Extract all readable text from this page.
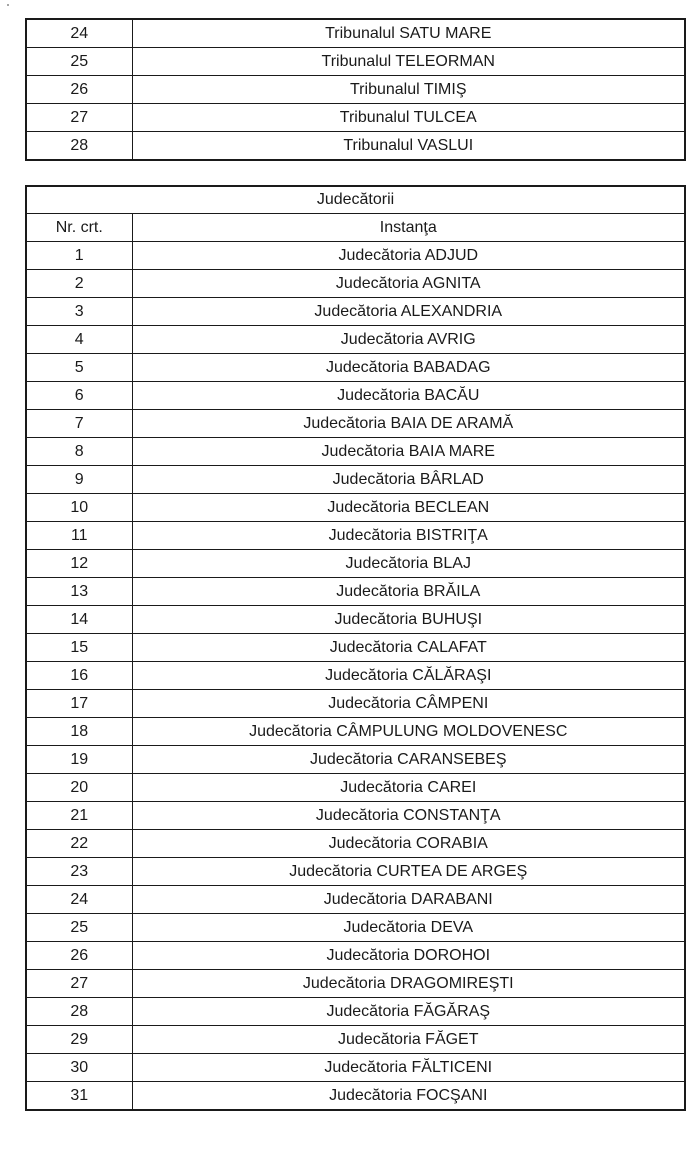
24	Tribunalul SATU MARE
25	Tribunalul TELEORMAN
26	Tribunalul TIMIŞ
27	Tribunalul TULCEA
28	Tribunalul VASLUI
Judecătorii	
Nr. crt.	Instanţa
1	Judecătoria ADJUD
2	Judecătoria AGNITA
3	Judecătoria ALEXANDRIA
4	Judecătoria AVRIG
5	Judecătoria BABADAG
6	Judecătoria BACĂU
7	Judecătoria BAIA DE ARAMĂ
8	Judecătoria BAIA MARE
9	Judecătoria BÂRLAD
10	Judecătoria BECLEAN
11	Judecătoria BISTRIŢA
12	Judecătoria BLAJ
13	Judecătoria BRĂILA
14	Judecătoria BUHUŞI
15	Judecătoria CALAFAT
16	Judecătoria CĂLĂRAŞI
17	Judecătoria CÂMPENI
18	Judecătoria CÂMPULUNG MOLDOVENESC
19	Judecătoria CARANSEBEŞ
20	Judecătoria CAREI
21	Judecătoria CONSTANŢA
22	Judecătoria CORABIA
23	Judecătoria CURTEA DE ARGEŞ
24	Judecătoria DARABANI
25	Judecătoria DEVA
26	Judecătoria DOROHOI
27	Judecătoria DRAGOMIREŞTI
28	Judecătoria FĂGĂRAŞ
29	Judecătoria FĂGET
30	Judecătoria FĂLTICENI
31	Judecătoria FOCŞANI
